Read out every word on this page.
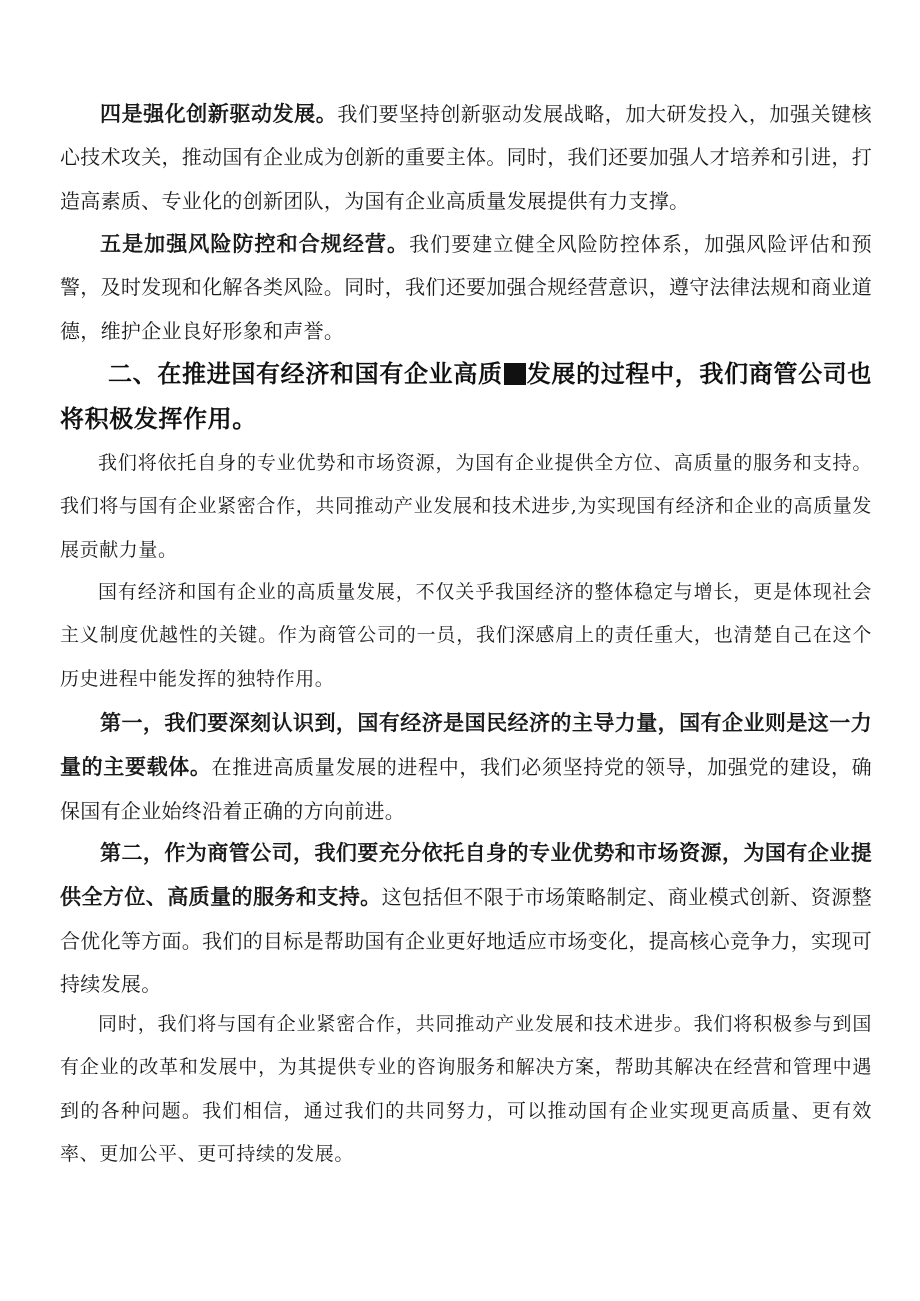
四是强化创新驱动发展。我们要坚持创新驱动发展战略，加大研发投入，加强关键核心技术攻关，推动国有企业成为创新的重要主体。同时，我们还要加强人才培养和引进，打造高素质、专业化的创新团队，为国有企业高质量发展提供有力支撑。

五是加强风险防控和合规经营。我们要建立健全风险防控体系，加强风险评估和预警，及时发现和化解各类风险。同时，我们还要加强合规经营意识，遵守法律法规和商业道德，维护企业良好形象和声誉。

二、在推进国有经济和国有企业高质 发展的过程中，我们商管公司也将积极发挥作用。

我们将依托自身的专业优势和市场资源，为国有企业提供全方位、高质量的服务和支持。我们将与国有企业紧密合作，共同推动产业发展和技术进步,为实现国有经济和企业的高质量发展贡献力量。

国有经济和国有企业的高质量发展，不仅关乎我国经济的整体稳定与增长，更是体现社会主义制度优越性的关键。作为商管公司的一员，我们深感肩上的责任重大，也清楚自己在这个历史进程中能发挥的独特作用。

第一，我们要深刻认识到，国有经济是国民经济的主导力量，国有企业则是这一力量的主要载体。在推进高质量发展的进程中，我们必须坚持党的领导，加强党的建设，确保国有企业始终沿着正确的方向前进。

第二，作为商管公司，我们要充分依托自身的专业优势和市场资源，为国有企业提供全方位、高质量的服务和支持。这包括但不限于市场策略制定、商业模式创新、资源整合优化等方面。我们的目标是帮助国有企业更好地适应市场变化，提高核心竞争力，实现可持续发展。

同时，我们将与国有企业紧密合作，共同推动产业发展和技术进步。我们将积极参与到国有企业的改革和发展中，为其提供专业的咨询服务和解决方案，帮助其解决在经营和管理中遇到的各种问题。我们相信，通过我们的共同努力，可以推动国有企业实现更高质量、更有效率、更加公平、更可持续的发展。
